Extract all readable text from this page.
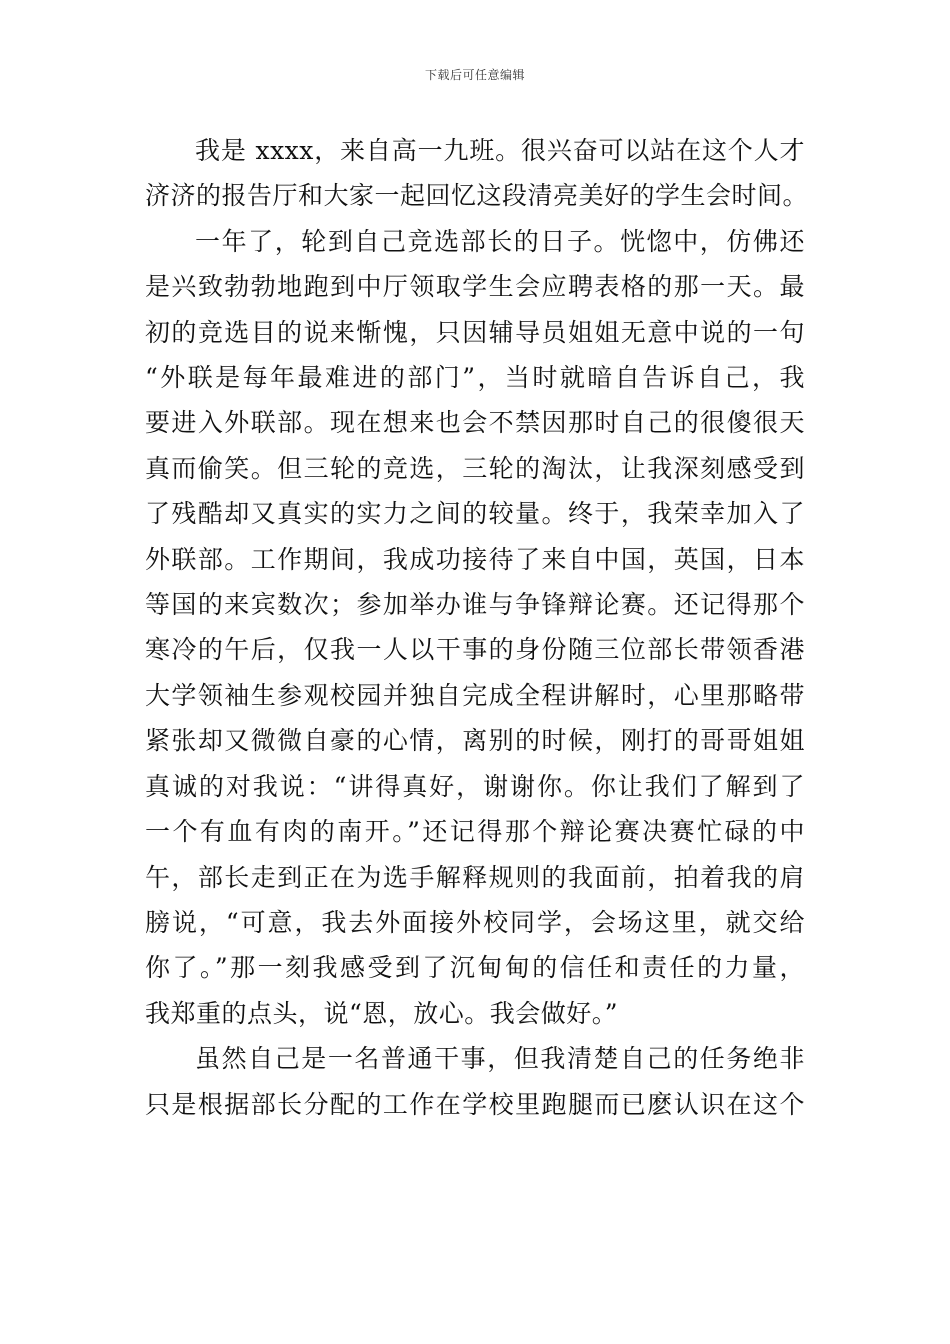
下载后可任意编辑
我是 xxxx，来自高一九班。很兴奋可以站在这个人才
济济的报告厅和大家一起回忆这段清亮美好的学生会时间。
一年了，轮到自己竞选部长的日子。恍惚中，仿佛还
是兴致勃勃地跑到中厅领取学生会应聘表格的那一天。最
初的竞选目的说来惭愧，只因辅导员姐姐无意中说的一句
“外联是每年最难进的部门”，当时就暗自告诉自己，我
要进入外联部。现在想来也会不禁因那时自己的很傻很天
真而偷笑。但三轮的竞选，三轮的淘汰，让我深刻感受到
了残酷却又真实的实力之间的较量。终于，我荣幸加入了
外联部。工作期间，我成功接待了来自中国，英国，日本
等国的来宾数次；参加举办谁与争锋辩论赛。还记得那个
寒冷的午后，仅我一人以干事的身份随三位部长带领香港
大学领袖生参观校园并独自完成全程讲解时，心里那略带
紧张却又微微自豪的心情，离别的时候，刚打的哥哥姐姐
真诚的对我说：“讲得真好，谢谢你。你让我们了解到了
一个有血有肉的南开。”还记得那个辩论赛决赛忙碌的中
午，部长走到正在为选手解释规则的我面前，拍着我的肩
膀说，“可意，我去外面接外校同学，会场这里，就交给
你了。”那一刻我感受到了沉甸甸的信任和责任的力量，
我郑重的点头，说“恩，放心。我会做好。”
虽然自己是一名普通干事，但我清楚自己的任务绝非
只是根据部长分配的工作在学校里跑腿而已麽认识在这个
